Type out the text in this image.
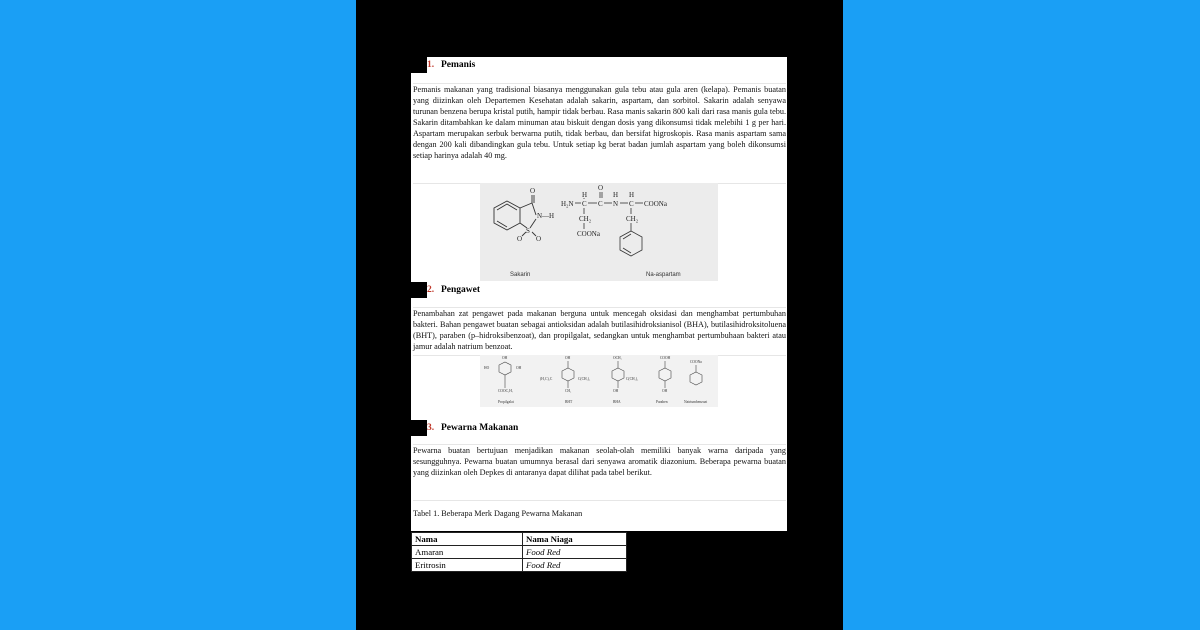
1. Pemanis
Pemanis makanan yang tradisional biasanya menggunakan gula tebu atau gula aren (kelapa). Pemanis buatan yang diizinkan oleh Departemen Kesehatan adalah sakarin, aspartam, dan sorbitol. Sakarin adalah senyawa turunan benzena berupa kristal putih, hampir tidak berbau. Rasa manis sakarin 800 kali dari rasa manis gula tebu. Sakarin ditambahkan ke dalam minuman atau biskuit dengan dosis yang dikonsumsi tidak melebihi 1 g per hari. Aspartam merupakan serbuk berwarna putih, tidak berbau, dan bersifat higroskopis. Rasa manis aspartam sama dengan 200 kali dibandingkan gula tebu. Untuk setiap kg berat badan jumlah aspartam yang boleh dikonsumsi setiap harinya adalah 40 mg.
O
N—H
S
O O
Sakarin
O
H	H H
H₂N C C N C COONa
CH₂	CH₂
COONa
Na-aspartam
2. Pengawet
Penambahan zat pengawet pada makanan berguna untuk mencegah oksidasi dan menghambat pertumbuhan bakteri. Bahan pengawet buatan sebagai antioksidan adalah butilasihidroksianisol (BHA), butilasihidroksitoluena (BHT), paraben (p–hidroksibenzoat), dan propilgalat, sedangkan untuk menghambat pertumbuhaan bakteri atau jamur adalah natrium benzoat.
OH
HO	OH
COOC₃H₇
Propilgalat
OH
(H₃C)₃C	C(CH₃)₃
CH₃
BHT
OCH₃
C(CH₃)₃
OH
BHA
COOH
OH
Paraben
COONa
Natriumbenzoat
3. Pewarna Makanan
Pewarna buatan bertujuan menjadikan makanan seolah-olah memiliki banyak warna daripada yang sesungguhnya. Pewarna buatan umumnya berasal dari senyawa aromatik diazonium. Beberapa pewarna buatan yang diizinkan oleh Depkes di antaranya dapat dilihat pada tabel berikut.
Tabel 1. Beberapa Merk Dagang Pewarna Makanan
Nama	Nama Niaga
Amaran	Food Red
Eritrosin	Food Red
